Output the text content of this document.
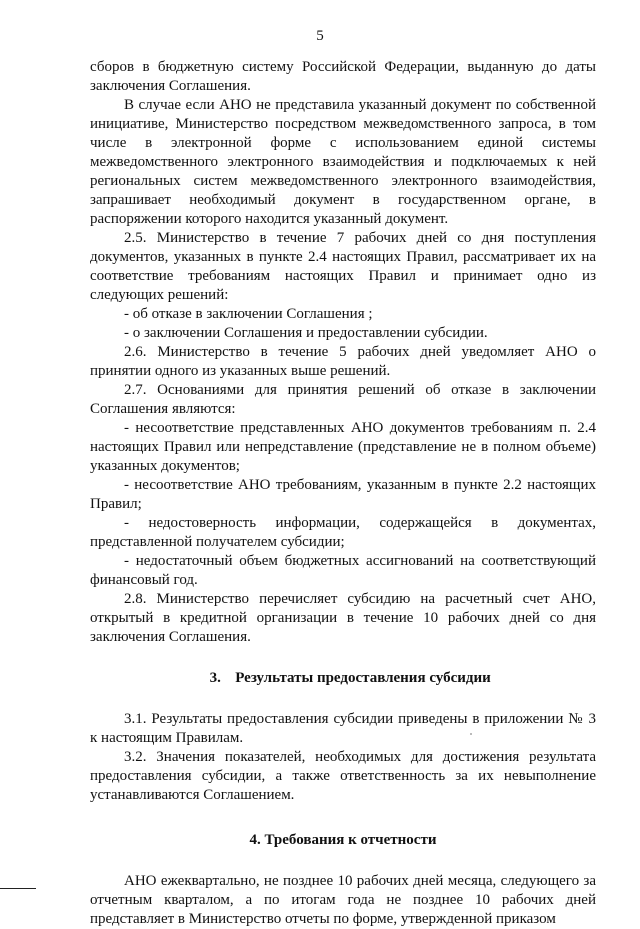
5

сборов в бюджетную систему Российской Федерации, выданную до даты заключения Соглашения.

В случае если АНО не представила указанный документ по собственной инициативе, Министерство посредством межведомственного запроса, в том числе в электронной форме с использованием единой системы межведомственного электронного взаимодействия и подключаемых к ней региональных систем межведомственного электронного взаимодействия, запрашивает необходимый документ в государственном органе, в распоряжении которого находится указанный документ.

2.5. Министерство в течение 7 рабочих дней со дня поступления документов, указанных в пункте 2.4 настоящих Правил, рассматривает их на соответствие требованиям настоящих Правил и принимает одно из следующих решений:

- об отказе в заключении Соглашения ;

- о заключении Соглашения и предоставлении субсидии.

2.6. Министерство в течение 5 рабочих дней уведомляет АНО о принятии одного из указанных выше решений.

2.7. Основаниями для принятия решений об отказе в заключении Соглашения являются:

- несоответствие представленных АНО документов требованиям п. 2.4 настоящих Правил или непредставление (представление не в полном объеме) указанных документов;

- несоответствие АНО требованиям, указанным в пункте 2.2 настоящих Правил;

- недостоверность информации, содержащейся в документах, представленной получателем субсидии;

- недостаточный объем бюджетных ассигнований на соответствующий финансовый год.

2.8. Министерство перечисляет субсидию на расчетный счет АНО, открытый в кредитной организации в течение 10 рабочих дней со дня заключения Соглашения.

3. Результаты предоставления субсидии

3.1. Результаты предоставления субсидии приведены в приложении № 3 к настоящим Правилам.

3.2. Значения показателей, необходимых для достижения результата предоставления субсидии, а также ответственность за их невыполнение устанавливаются Соглашением.

4. Требования к отчетности

АНО ежеквартально, не позднее 10 рабочих дней месяца, следующего за отчетным кварталом, а по итогам года не позднее 10 рабочих дней представляет в Министерство отчеты по форме, утвержденной приказом
